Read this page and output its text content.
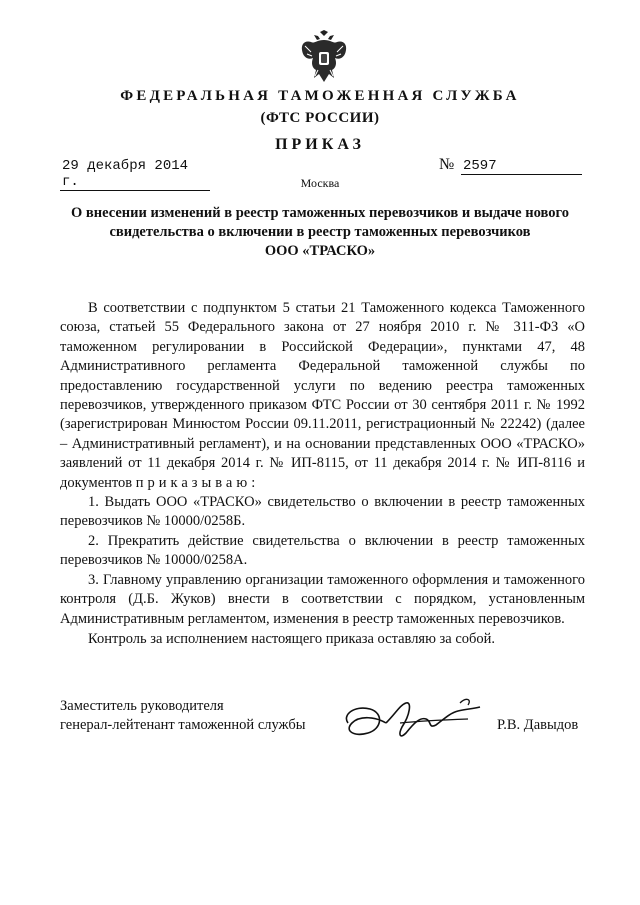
ФЕДЕРАЛЬНАЯ ТАМОЖЕННАЯ СЛУЖБА
(ФТС РОССИИ)
ПРИКАЗ
29 декабря 2014 г.
№ 2597
Москва
О внесении изменений в реестр таможенных перевозчиков и выдаче нового
свидетельства о включении в реестр таможенных перевозчиков
ООО «ТРАСКО»

В соответствии с подпунктом 5 статьи 21 Таможенного кодекса Таможенного союза, статьей 55 Федерального закона от 27 ноября 2010 г. № 311-ФЗ «О таможенном регулировании в Российской Федерации», пунктами 47, 48 Административного регламента Федеральной таможенной службы по предоставлению государственной услуги по ведению реестра таможенных перевозчиков, утвержденного приказом ФТС России от 30 сентября 2011 г. № 1992 (зарегистрирован Минюстом России 09.11.2011, регистрационный № 22242) (далее – Административный регламент), и на основании представленных ООО «ТРАСКО» заявлений от 11 декабря 2014 г. № ИП-8115, от 11 декабря 2014 г. № ИП-8116 и документов приказываю:

1. Выдать ООО «ТРАСКО» свидетельство о включении в реестр таможенных перевозчиков № 10000/0258Б.

2. Прекратить действие свидетельства о включении в реестр таможенных перевозчиков № 10000/0258А.

3. Главному управлению организации таможенного оформления и таможенного контроля (Д.Б. Жуков) внести в соответствии с порядком, установленным Административным регламентом, изменения в реестр таможенных перевозчиков.

Контроль за исполнением настоящего приказа оставляю за собой.
Заместитель руководителя
генерал-лейтенант таможенной службы	Р.В. Давыдов
